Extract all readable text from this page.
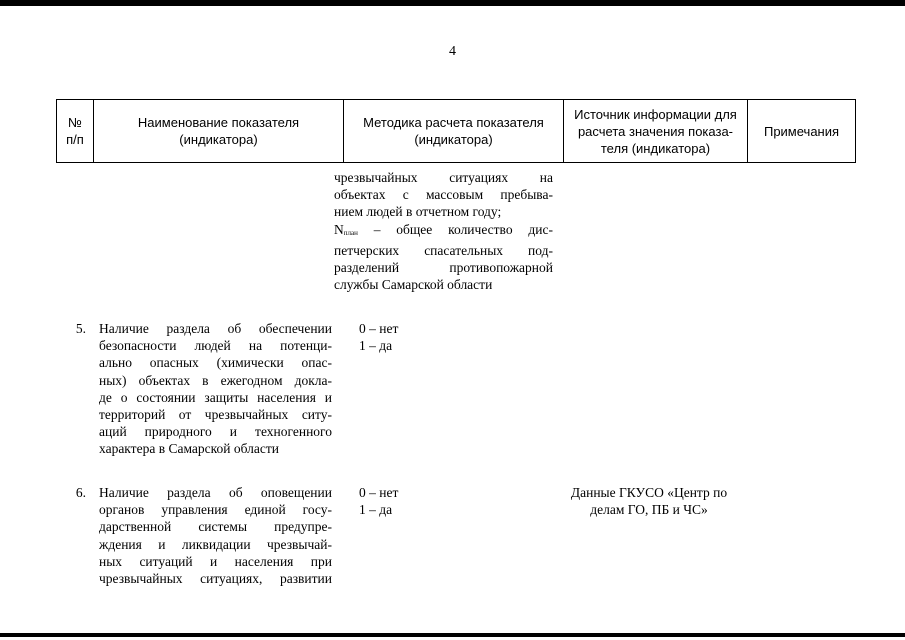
4
№
п/п
Наименование показателя
(индикатора)
Методика расчета показателя
(индикатора)
Источник информации для
расчета значения показа-
теля (индикатора)
Примечания
чрезвычайных ситуациях на
объектах с массовым пребыва-
нием людей в отчетном году;
$N_{план}$ – общее количество дис-
петчерских спасательных под-
разделений противопожарной
службы Самарской области
5. Наличие раздела об обеспечении
безопасности людей на потенци-
ально опасных (химически опас-
ных) объектах в ежегодном докла-
де о состоянии защиты населения и
территорий от чрезвычайных ситу-
аций природного и техногенного
характера в Самарской области
0 – нет
1 – да
6. Наличие раздела об оповещении
органов управления единой госу-
дарственной системы предупре-
ждения и ликвидации чрезвычай-
ных ситуаций и населения при
чрезвычайных ситуациях, развитии
0 – нет
1 – да
Данные ГКУСО «Центр по
делам ГО, ПБ и ЧС»
